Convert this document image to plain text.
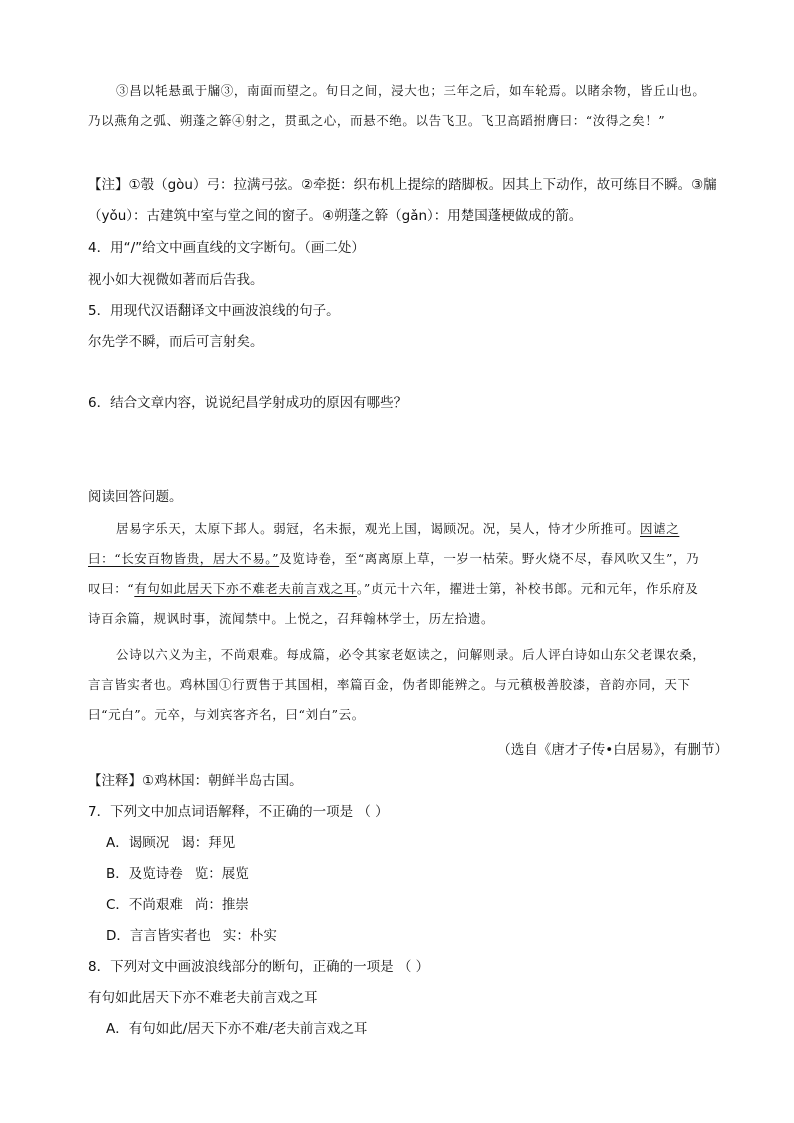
③昌以牦悬虱于牖③，南面而望之。旬日之间，浸大也；三年之后，如车轮焉。以睹余物，皆丘山也。乃以燕角之弧、朔蓬之簳④射之，贯虱之心，而悬不绝。以告飞卫。飞卫高蹈拊膺曰：“汝得之矣！”

【注】①彀（gòu）弓：拉满弓弦。②牵挺：织布机上提综的踏脚板。因其上下动作，故可练目不瞬。③牖（yǒu）：古建筑中室与堂之间的窗子。④朔蓬之簳（gǎn）：用楚国蓬梗做成的箭。

4．用“/”给文中画直线的文字断句。（画二处）

视小如大视微如著而后告我。

5．用现代汉语翻译文中画波浪线的句子。

尔先学不瞬，而后可言射矣。

6．结合文章内容，说说纪昌学射成功的原因有哪些？

阅读回答问题。

居易字乐天，太原下邽人。弱冠，名未振，观光上国，谒顾况。况，吴人，恃才少所推可。因谑之曰：“长安百物皆贵，居大不易。”及览诗卷，至“离离原上草，一岁一枯荣。野火烧不尽，春风吹又生”，乃叹曰：“有句如此居天下亦不难老夫前言戏之耳。”贞元十六年，擢进士第，补校书郎。元和元年，作乐府及诗百余篇，规讽时事，流闻禁中。上悦之，召拜翰林学士，历左拾遗。

公诗以六义为主，不尚艰难。每成篇，必令其家老妪读之，问解则录。后人评白诗如山东父老课农桑，言言皆实者也。鸡林国①行贾售于其国相，率篇百金，伪者即能辨之。与元稹极善胶漆，音韵亦同，天下曰“元白”。元卒，与刘宾客齐名，曰“刘白”云。

（选自《唐才子传•白居易》，有删节）

【注释】①鸡林国：朝鲜半岛古国。

7．下列文中加点词语解释，不正确的一项是 （ ）

A．谒顾况 谒：拜见

B．及览诗卷 览：展览

C．不尚艰难 尚：推崇

D．言言皆实者也 实：朴实

8．下列对文中画波浪线部分的断句，正确的一项是 （ ）

有句如此居天下亦不难老夫前言戏之耳

A．有句如此/居天下亦不难/老夫前言戏之耳
